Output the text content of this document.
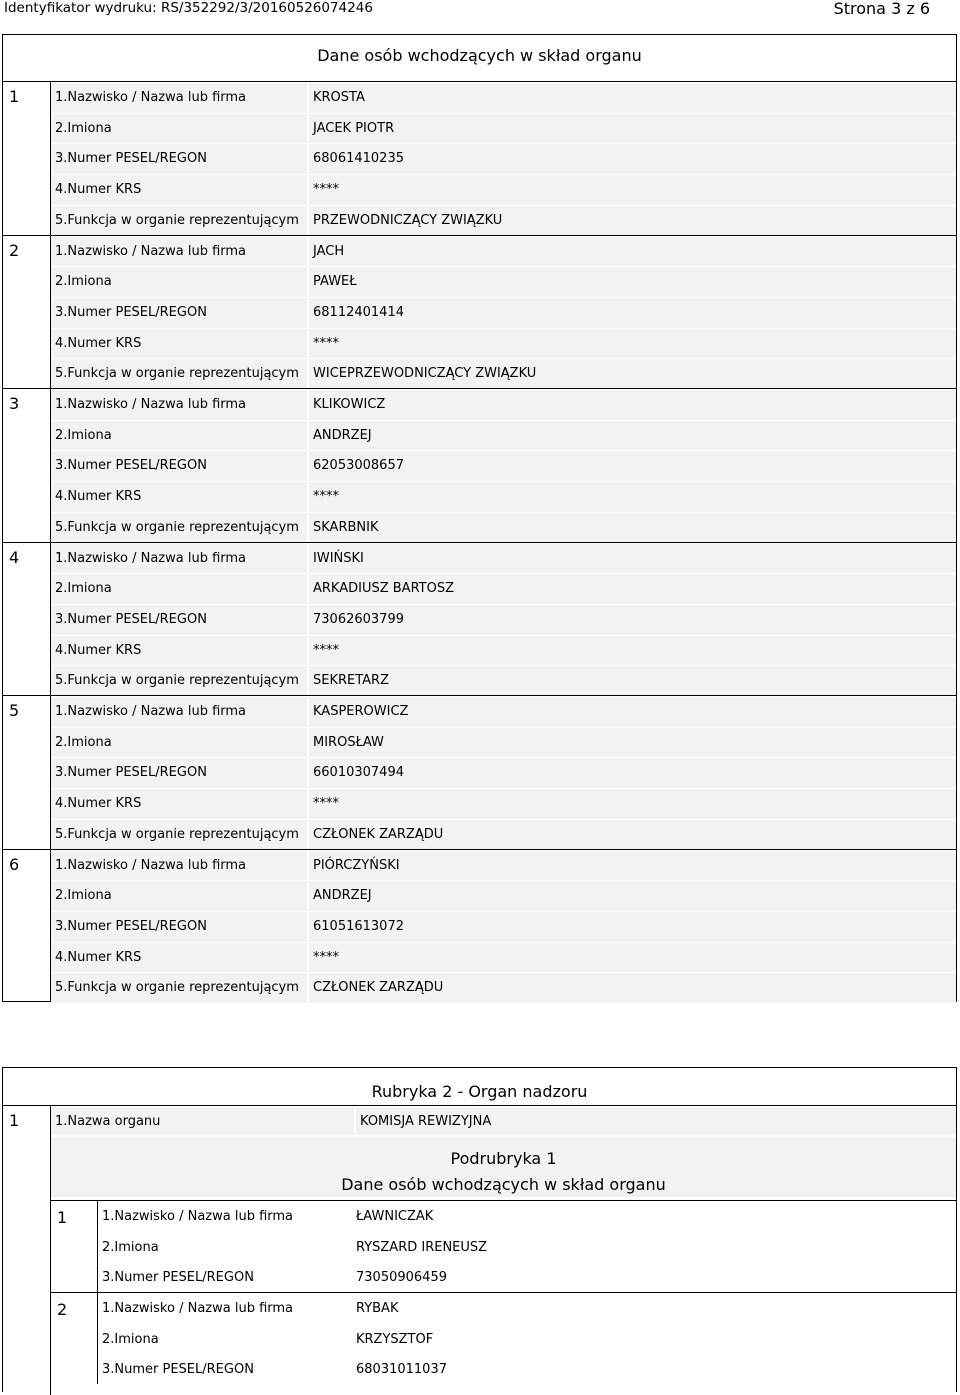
Identyfikator wydruku: RS/352292/3/20160526074246	Strona 3 z 6
Dane osób wchodzących w skład organu
1	1.Nazwisko / Nazwa lub firma	KROSTA
2.Imiona	JACEK PIOTR
3.Numer PESEL/REGON	68061410235
4.Numer KRS	****
5.Funkcja w organie reprezentującym	PRZEWODNICZĄCY ZWIĄZKU
2	1.Nazwisko / Nazwa lub firma	JACH
2.Imiona	PAWEŁ
3.Numer PESEL/REGON	68112401414
4.Numer KRS	****
5.Funkcja w organie reprezentującym	WICEPRZEWODNICZĄCY ZWIĄZKU
3	1.Nazwisko / Nazwa lub firma	KLIKOWICZ
2.Imiona	ANDRZEJ
3.Numer PESEL/REGON	62053008657
4.Numer KRS	****
5.Funkcja w organie reprezentującym	SKARBNIK
4	1.Nazwisko / Nazwa lub firma	IWIŃSKI
2.Imiona	ARKADIUSZ BARTOSZ
3.Numer PESEL/REGON	73062603799
4.Numer KRS	****
5.Funkcja w organie reprezentującym	SEKRETARZ
5	1.Nazwisko / Nazwa lub firma	KASPEROWICZ
2.Imiona	MIROSŁAW
3.Numer PESEL/REGON	66010307494
4.Numer KRS	****
5.Funkcja w organie reprezentującym	CZŁONEK ZARZĄDU
6	1.Nazwisko / Nazwa lub firma	PIÓRCZYŃSKI
2.Imiona	ANDRZEJ
3.Numer PESEL/REGON	61051613072
4.Numer KRS	****
5.Funkcja w organie reprezentującym	CZŁONEK ZARZĄDU
Rubryka 2 - Organ nadzoru
1	1.Nazwa organu	KOMISJA REWIZYJNA
Podrubryka 1
Dane osób wchodzących w skład organu
1	1.Nazwisko / Nazwa lub firma	ŁAWNICZAK
2.Imiona	RYSZARD IRENEUSZ
3.Numer PESEL/REGON	73050906459
2	1.Nazwisko / Nazwa lub firma	RYBAK
2.Imiona	KRZYSZTOF
3.Numer PESEL/REGON	68031011037
